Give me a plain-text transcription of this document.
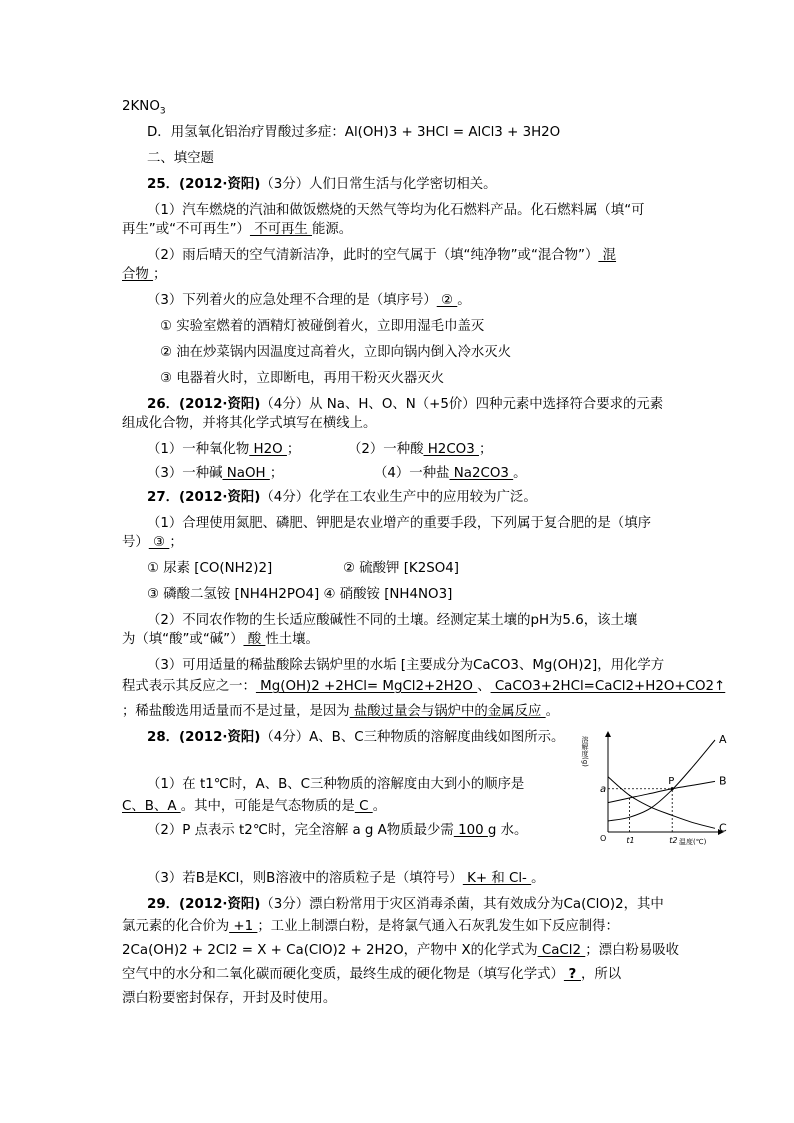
$2KNO_3$
D．用氢氧化铝治疗胃酸过多症：Al(OH)3 + 3HCl = AlCl3 + 3H2O
二、填空题
25．(2012·资阳)（3分）人们日常生活与化学密切相关。
（1）汽车燃烧的汽油和做饭燃烧的天然气等均为化石燃料产品。化石燃料属（填“可
再生”或“不可再生”） 不可再生 能源。
（2）雨后晴天的空气清新洁净，此时的空气属于（填“纯净物”或“混合物”） 混
合物 ；
（3）下列着火的应急处理不合理的是（填序号） ② 。
① 实验室燃着的酒精灯被碰倒着火，立即用湿毛巾盖灭
② 油在炒菜锅内因温度过高着火，立即向锅内倒入冷水灭火
③ 电器着火时，立即断电，再用干粉灭火器灭火
26．(2012·资阳)（4分）从 Na、H、O、N（+5价）四种元素中选择符合要求的元素
组成化合物，并将其化学式填写在横线上。
（1）一种氧化物 H2O ；	（2）一种酸 H2CO3 ；
（3）一种碱 NaOH ；	（4）一种盐 Na2CO3 。
27．(2012·资阳)（4分）化学在工农业生产中的应用较为广泛。
（1）合理使用氮肥、磷肥、钾肥是农业增产的重要手段，下列属于复合肥的是（填序
号） ③ ；
① 尿素 [CO(NH2)2]	② 硫酸钾 [K2SO4]
③ 磷酸二氢铵 [NH4H2PO4] ④ 硝酸铵 [NH4NO3]
（2）不同农作物的生长适应酸碱性不同的土壤。经测定某土壤的pH为5.6，该土壤
为（填“酸”或“碱”） 酸 性土壤。
（3）可用适量的稀盐酸除去锅炉里的水垢 [主要成分为CaCO3、Mg(OH)2]，用化学方
程式表示其反应之一： Mg(OH)2 +2HCl= MgCl2+2H2O 、 CaCO3+2HCl=CaCl2+H2O+CO2↑
；稀盐酸选用适量而不是过量，是因为 盐酸过量会与锅炉中的金属反应 。
28．(2012·资阳)（4分）A、B、C三种物质的溶解度曲线如图所示。
（1）在 t1℃时，A、B、C三种物质的溶解度由大到小的顺序是
C、B、A 。其中，可能是气态物质的是 C 。
（2）P 点表示 t2℃时，完全溶解 a g A物质最少需 100 g 水。
（3）若B是KCl，则B溶液中的溶质粒子是（填符号） K+ 和 Cl- 。
29．(2012·资阳)（3分）漂白粉常用于灾区消毒杀菌，其有效成分为Ca(ClO)2，其中
氯元素的化合价为 +1 ；工业上制漂白粉，是将氯气通入石灰乳发生如下反应制得：
2Ca(OH)2 + 2Cl2 = X + Ca(ClO)2 + 2H2O，产物中 X的化学式为 CaCl2 ；漂白粉易吸收
空气中的水分和二氧化碳而硬化变质，最终生成的硬化物是（填写化学式） ? ，所以
漂白粉要密封保存，开封及时使用。
A
B
C
P
a
O	t1	t2 温度(℃)
溶解度(g)
